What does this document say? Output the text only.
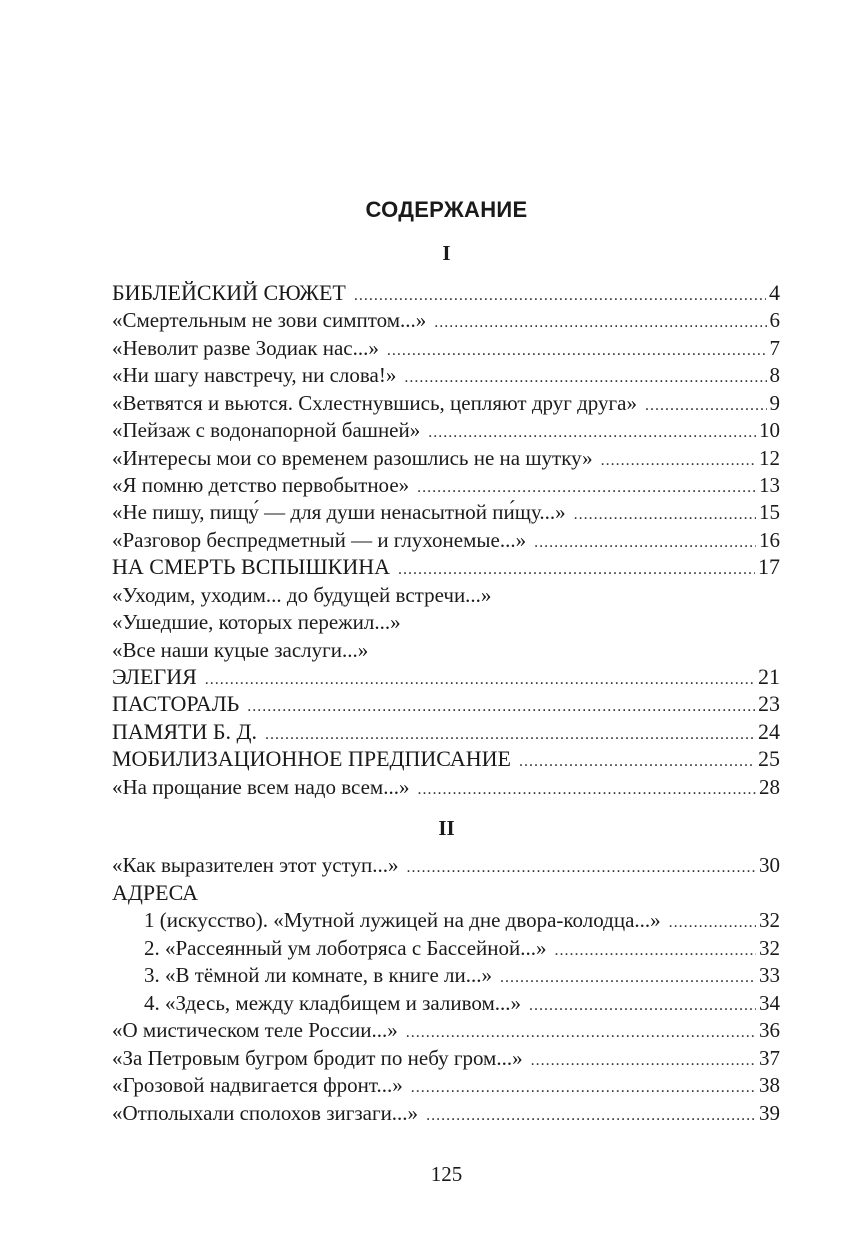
СОДЕРЖАНИЕ
I
БИБЛЕЙСКИЙ СЮЖЕТ .....	4
«Смертельным не зови симптом...» .....	6
«Неволит разве Зодиак нас...» .....	7
«Ни шагу навстречу, ни слова!» .....	8
«Ветвятся и вьются. Схлестнувшись, цепляют друг друга» .....	9
«Пейзаж с водонапорной башней» .....	10
«Интересы мои со временем разошлись не на шутку» .....	12
«Я помню детство первобытное» .....	13
«Не пишу, пищу́ — для души ненасытной пи́щу...» .....	15
«Разговор беспредметный — и глухонемые...» .....	16
НА СМЕРТЬ ВСПЫШКИНА .....	17
«Уходим, уходим... до будущей встречи...»
«Ушедшие, которых пережил...»
«Все наши куцые заслуги...»
ЭЛЕГИЯ .....	21
ПАСТОРАЛЬ .....	23
ПАМЯТИ Б. Д. .....	24
МОБИЛИЗАЦИОННОЕ ПРЕДПИСАНИЕ .....	25
«На прощание всем надо всем...» .....	28
«Как выразителен этот уступ...» .....	30
АДРЕСА
1 (искусство). «Мутной лужицей на дне двора-колодца...» .....	32
2. «Рассеянный ум лоботряса с Бассейной...» .....	32
3. «В тёмной ли комнате, в книге ли...» .....	33
4. «Здесь, между кладбищем и заливом...» .....	34
«О мистическом теле России...» .....	36
«За Петровым бугром бродит по небу гром...» .....	37
«Грозовой надвигается фронт...» .....	38
«Отполыхали сполохов зигзаги...» .....	39
II
125
